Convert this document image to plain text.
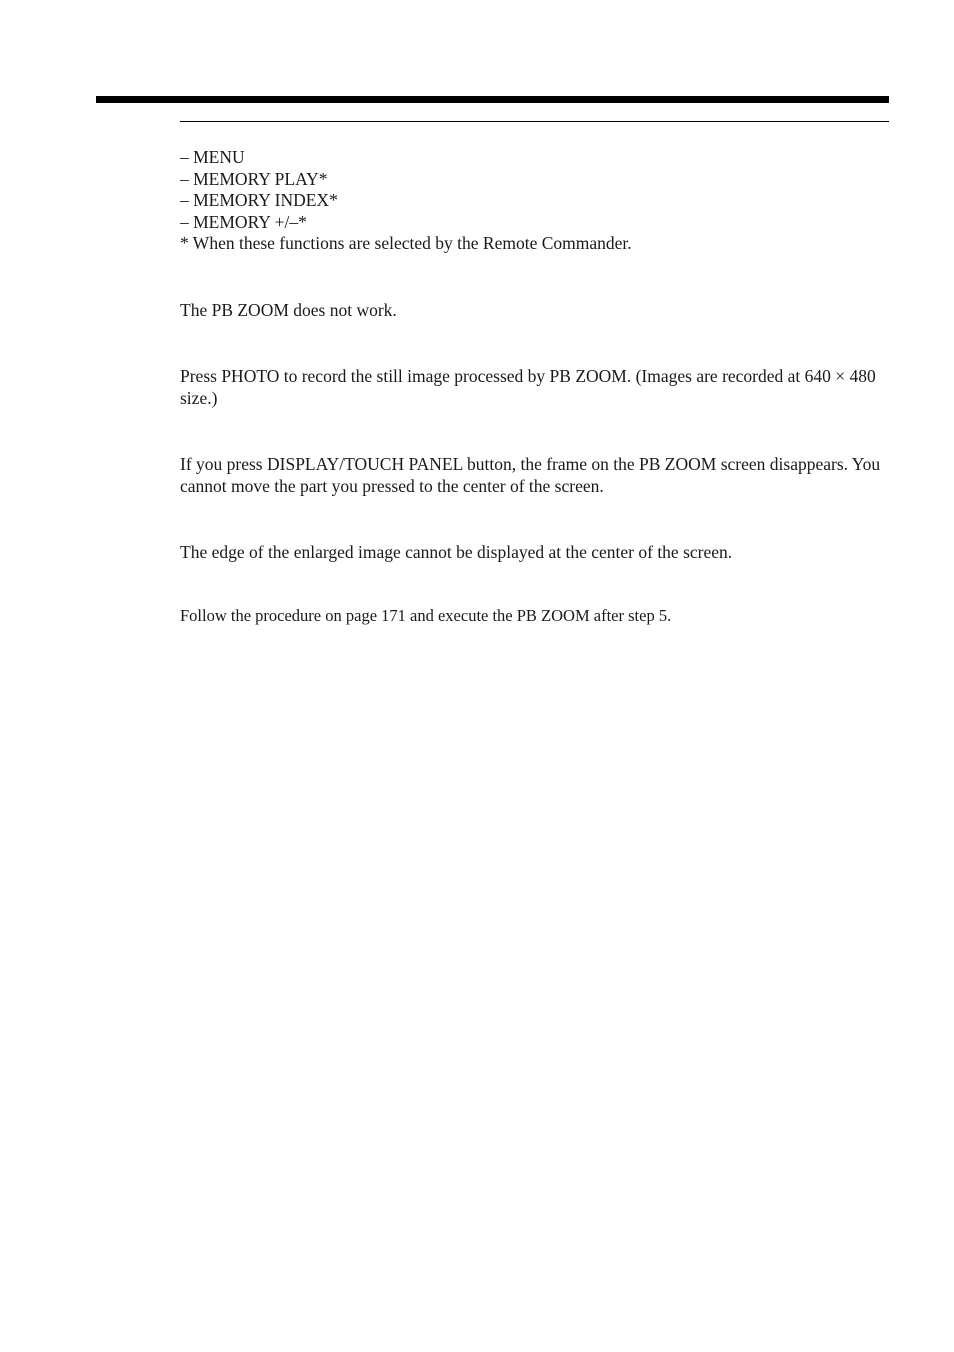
– MENU
– MEMORY PLAY*
– MEMORY INDEX*
– MEMORY +/–*
* When these functions are selected by the Remote Commander.

The PB ZOOM does not work.

Press PHOTO to record the still image processed by PB ZOOM. (Images are recorded at 640 × 480 size.)

If you press DISPLAY/TOUCH PANEL button, the frame on the PB ZOOM screen disappears. You cannot move the part you pressed to the center of the screen.

The edge of the enlarged image cannot be displayed at the center of the screen.

Follow the procedure on page 171 and execute the PB ZOOM after step 5.
